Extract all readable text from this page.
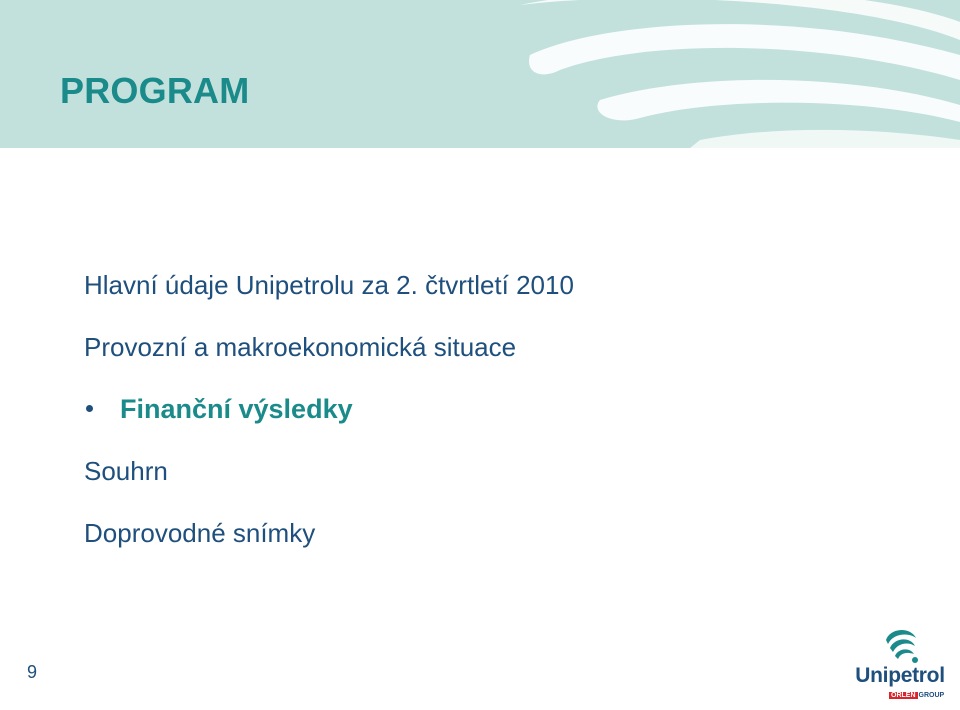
PROGRAM
Hlavní údaje Unipetrolu za 2. čtvrtletí 2010
Provozní a makroekonomická situace
Finanční výsledky
Souhrn
Doprovodné snímky
9	Unipetrol
ORLEN GROUP
